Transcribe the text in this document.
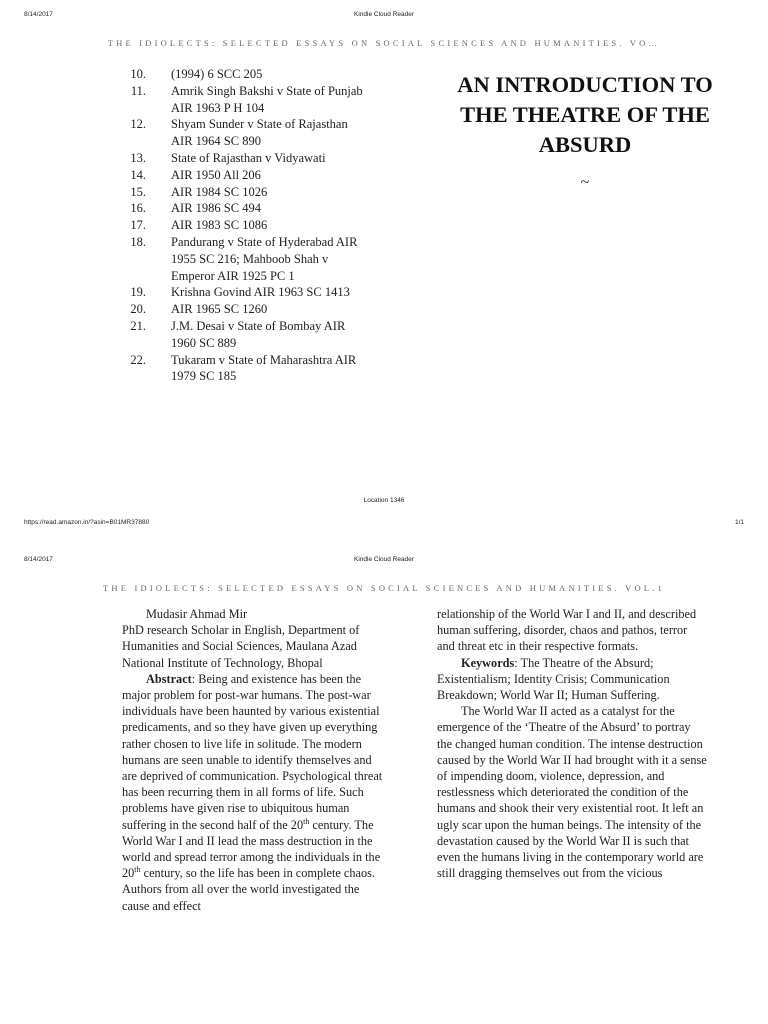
8/14/2017	Kindle Cloud Reader
THE IDIOLECTS: SELECTED ESSAYS ON SOCIAL SCIENCES AND HUMANITIES. VO…
10.	(1994) 6 SCC 205
11.	Amrik Singh Bakshi v State of Punjab
AIR 1963 P H 104
12.	Shyam Sunder v State of Rajasthan
AIR 1964 SC 890
13.	State of Rajasthan v Vidyawati
14.	AIR 1950 All 206
15.	AIR 1984 SC 1026
16.	AIR 1986 SC 494
17.	AIR 1983 SC 1086
18.	Pandurang v State of Hyderabad AIR
1955 SC 216; Mahboob Shah v
Emperor AIR 1925 PC 1
19.	Krishna Govind AIR 1963 SC 1413
20.	AIR 1965 SC 1260
21.	J.M. Desai v State of Bombay AIR
1960 SC 889
22.	Tukaram v State of Maharashtra AIR
1979 SC 185
AN INTRODUCTION TO
THE THEATRE OF THE
ABSURD
~
Location 1346
https://read.amazon.in/?asin=B01MR37880	1/1
8/14/2017	Kindle Cloud Reader
THE IDIOLECTS: SELECTED ESSAYS ON SOCIAL SCIENCES AND HUMANITIES. VOL.1

Mudasir Ahmad Mir

PhD research Scholar in English, Department of Humanities and Social Sciences, Maulana Azad National Institute of Technology, Bhopal

Abstract: Being and existence has been the major problem for post-war humans. The post-war individuals have been haunted by various existential predicaments, and so they have given up everything rather chosen to live life in solitude. The modern humans are seen unable to identify themselves and are deprived of communication. Psychological threat has been recurring them in all forms of life. Such problems have given rise to ubiquitous human suffering in the second half of the 20th century. The World War I and II lead the mass destruction in the world and spread terror among the individuals in the 20th century, so the life has been in complete chaos. Authors from all over the world investigated the cause and effect

relationship of the World War I and II, and described human suffering, disorder, chaos and pathos, terror and threat etc in their respective formats.

Keywords: The Theatre of the Absurd; Existentialism; Identity Crisis; Communication Breakdown; World War II; Human Suffering.

The World War II acted as a catalyst for the emergence of the ‘Theatre of the Absurd’ to portray the changed human condition. The intense destruction caused by the World War II had brought with it a sense of impending doom, violence, depression, and restlessness which deteriorated the condition of the humans and shook their very existential root. It left an ugly scar upon the human beings. The intensity of the devastation caused by the World War II is such that even the humans living in the contemporary world are still dragging themselves out from the vicious
